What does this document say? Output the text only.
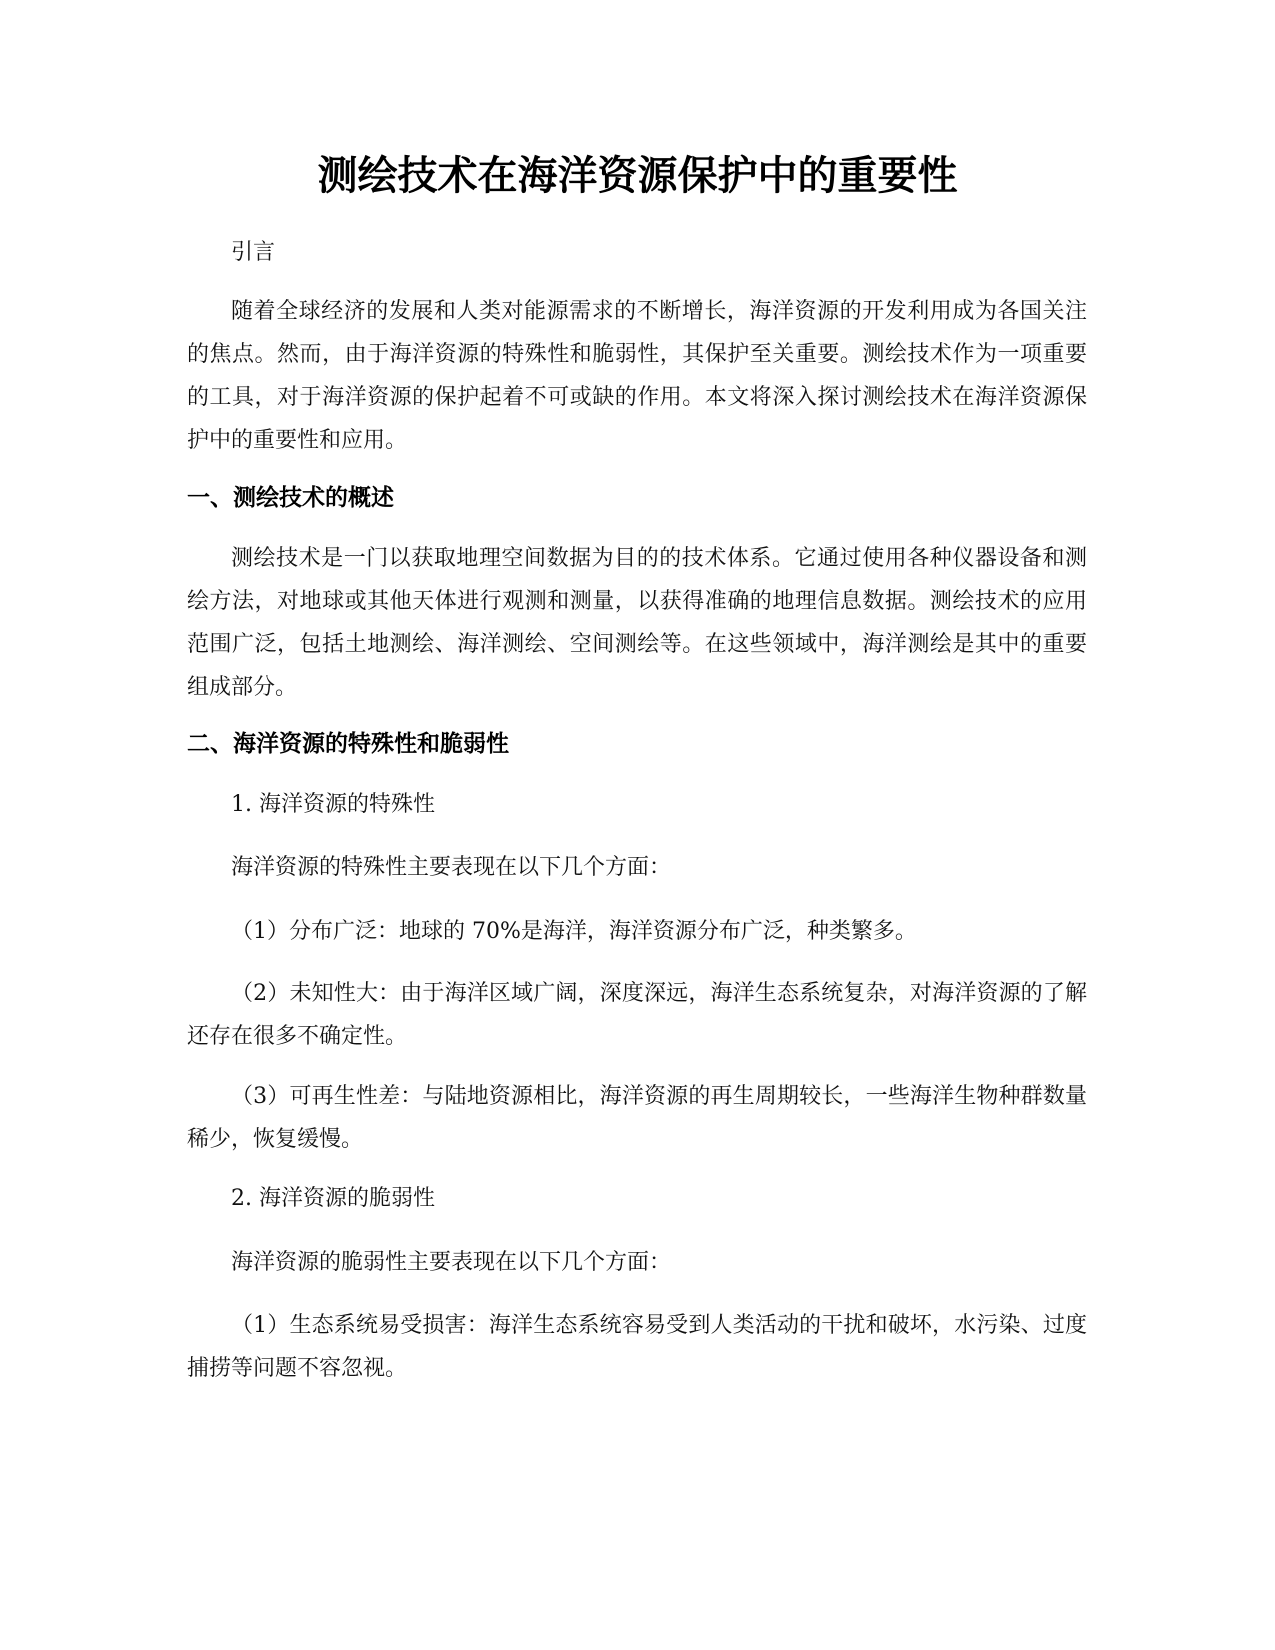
测绘技术在海洋资源保护中的重要性

引言

随着全球经济的发展和人类对能源需求的不断增长，海洋资源的开发利用成为各国关注的焦点。然而，由于海洋资源的特殊性和脆弱性，其保护至关重要。测绘技术作为一项重要的工具，对于海洋资源的保护起着不可或缺的作用。本文将深入探讨测绘技术在海洋资源保护中的重要性和应用。

一、测绘技术的概述

测绘技术是一门以获取地理空间数据为目的的技术体系。它通过使用各种仪器设备和测绘方法，对地球或其他天体进行观测和测量，以获得准确的地理信息数据。测绘技术的应用范围广泛，包括土地测绘、海洋测绘、空间测绘等。在这些领域中，海洋测绘是其中的重要组成部分。

二、海洋资源的特殊性和脆弱性

1. 海洋资源的特殊性

海洋资源的特殊性主要表现在以下几个方面：

（1）分布广泛：地球的 70%是海洋，海洋资源分布广泛，种类繁多。

（2）未知性大：由于海洋区域广阔，深度深远，海洋生态系统复杂，对海洋资源的了解还存在很多不确定性。

（3）可再生性差：与陆地资源相比，海洋资源的再生周期较长，一些海洋生物种群数量稀少，恢复缓慢。

2. 海洋资源的脆弱性

海洋资源的脆弱性主要表现在以下几个方面：

（1）生态系统易受损害：海洋生态系统容易受到人类活动的干扰和破坏，水污染、过度捕捞等问题不容忽视。
